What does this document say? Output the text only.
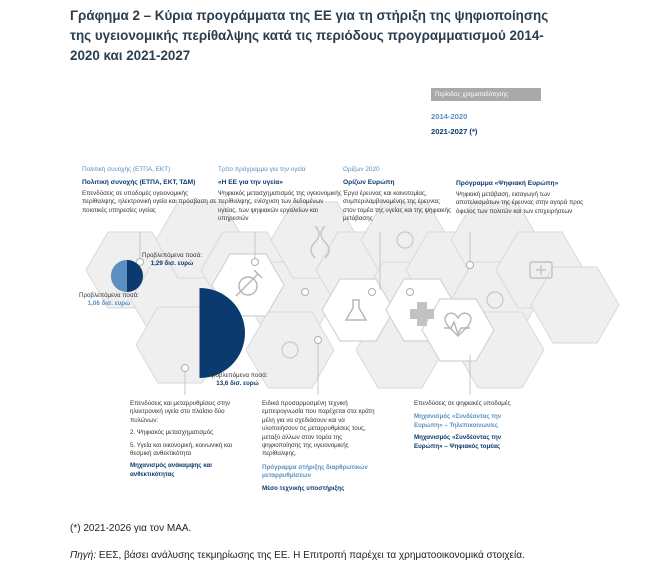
Γράφημα 2 – Κύρια προγράμματα της ΕΕ για τη στήριξη της ψηφιοποίησης της υγειονομικής περίθαλψης κατά τις περιόδους προγραμματισμού 2014-2020 και 2021-2027
Περίοδος χρηματοδότησης
2014-2020
2021-2027 (*)
Πολιτική συνοχής (ΕΤΠΑ, ΕΚΤ)
Πολιτική συνοχής (ΕΤΠΑ, ΕΚΤ, ΤΔΜ)
Επενδύσεις σε υποδομές υγειονομικής περίθαλψης, ηλεκτρονική υγεία και πρόσβαση σε ποιοτικές υπηρεσίες υγείας
Τρίτο πρόγραμμα για την υγεία
«Η ΕΕ για την υγεία»
Ψηφιακός μετασχηματισμός της υγειονομικής περίθαλψης, ενίσχυση των δεδομένων υγείας, των ψηφιακών εργαλείων και υπηρεσιών
Ορίζων 2020
Ορίζων Ευρώπη
Έργα έρευνας και καινοτομίας, συμπεριλαμβανομένης της έρευνας στον τομέα της υγείας και της ψηφιακής μετάβασης
Πρόγραμμα «Ψηφιακή Ευρώπη»
Ψηφιακή μετάβαση, εισαγωγή των αποτελεσμάτων της έρευνας στην αγορά προς όφελος των πολιτών και των επιχειρήσεων
Προβλεπόμενα ποσά:
1,29 δισ. ευρώ
Προβλεπόμενα ποσά:
1,06 δισ. ευρώ
Προβλεπόμενα ποσά:
13,6 δισ. ευρώ
Επενδύσεις και μεταρρυθμίσεις στην ηλεκτρονική υγεία στο πλαίσιο δύο πυλώνων:
2. Ψηφιακός μετασχηματισμός
5. Υγεία και οικονομική, κοινωνική και θεσμική ανθεκτικότητα
Μηχανισμός ανάκαμψης και ανθεκτικότητας
Ειδικά προσαρμοσμένη τεχνική εμπειρογνωσία που παρέχεται στα κράτη μέλη για να σχεδιάσουν και να υλοποιήσουν τις μεταρρυθμίσεις τους, μεταξύ άλλων στον τομέα της ψηφιοποίησης της υγειονομικής περίθαλψης.
Πρόγραμμα στήριξης διαρθρωτικών μεταρρυθμίσεων
Μέσο τεχνικής υποστήριξης
Επενδύσεις σε ψηφιακές υποδομές
Μηχανισμός «Συνδέοντας την Ευρώπη» – Τηλεπικοινωνίες
Μηχανισμός «Συνδέοντας την Ευρώπη» – Ψηφιακός τομέας
(*) 2021-2026 για τον ΜΑΑ.
Πηγή: ΕΕΣ, βάσει ανάλυσης τεκμηρίωσης της ΕΕ. Η Επιτροπή παρέχει τα χρηματοοικονομικά στοιχεία.
